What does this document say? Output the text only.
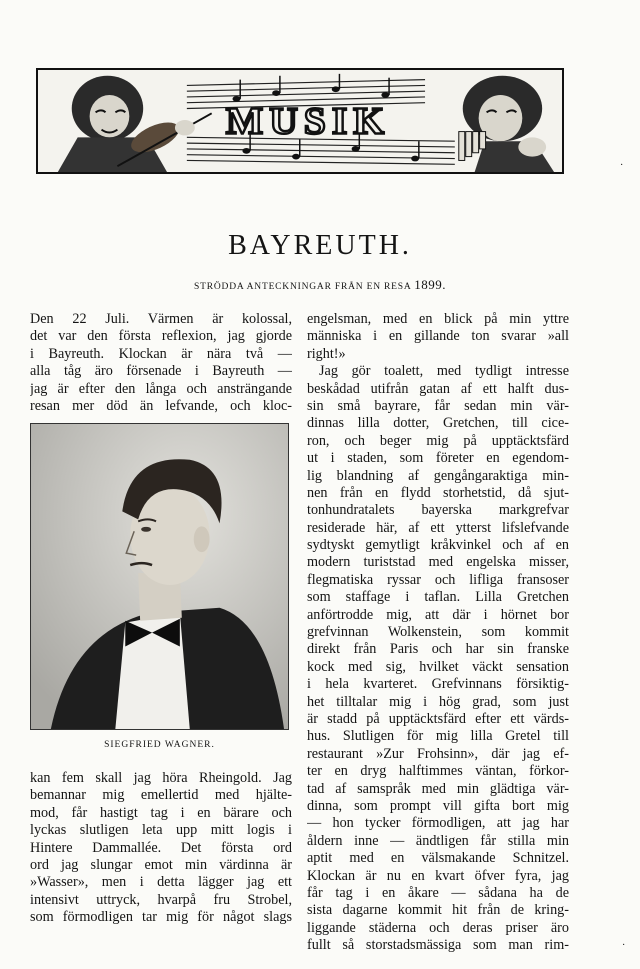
MUSIK
BAYREUTH.
STRÖDDA ANTECKNINGAR FRÅN EN RESA 1899.
Den 22 Juli. Värmen är kolossal,
det var den första reflexion, jag gjorde
i Bayreuth. Klockan är nära två —
alla tåg äro försenade i Bayreuth —
jag är efter den långa och ansträngande
resan mer död än lefvande, och kloc-
SIEGFRIED WAGNER.
kan fem skall jag höra Rheingold. Jag
bemannar mig emellertid med hjälte-
mod, får hastigt tag i en bärare och
lyckas slutligen leta upp mitt logis i
Hintere Dammallée. Det första ord
ord jag slungar emot min värdinna är
»Wasser», men i detta lägger jag ett
intensivt uttryck, hvarpå fru Strobel,
som förmodligen tar mig för något slags
engelsman, med en blick på min yttre
människa i en gillande ton svarar »all
right!»
Jag gör toalett, med tydligt intresse
beskådad utifrån gatan af ett halft dus-
sin små bayrare, får sedan min vär-
dinnas lilla dotter, Gretchen, till cice-
ron, och beger mig på upptäcktsfärd
ut i staden, som företer en egendom-
lig blandning af gengångaraktiga min-
nen från en flydd storhetstid, då sjut-
tonhundratalets bayerska markgrefvar
residerade här, af ett ytterst lifslefvande
sydtyskt gemytligt kråkvinkel och af en
modern turiststad med engelska misser,
flegmatiska ryssar och lifliga fransoser
som staffage i taflan. Lilla Gretchen
anförtrodde mig, att där i hörnet bor
grefvinnan Wolkenstein, som kommit
direkt från Paris och har sin franske
kock med sig, hvilket väckt sensation
i hela kvarteret. Grefvinnans försiktig-
het tilltalar mig i hög grad, som just
är stadd på upptäcktsfärd efter ett värds-
hus. Slutligen för mig lilla Gretel till
restaurant »Zur Frohsinn», där jag ef-
ter en dryg halftimmes väntan, förkor-
tad af samspråk med min glädtiga vär-
dinna, som prompt vill gifta bort mig
— hon tycker förmodligen, att jag har
åldern inne — ändtligen får stilla min
aptit med en välsmakande Schnitzel.
Klockan är nu en kvart öfver fyra, jag
får tag i en åkare — sådana ha de
sista dagarne kommit hit från de kring-
liggande städerna och deras priser äro
fullt så storstadsmässiga som man rim-
·
·
